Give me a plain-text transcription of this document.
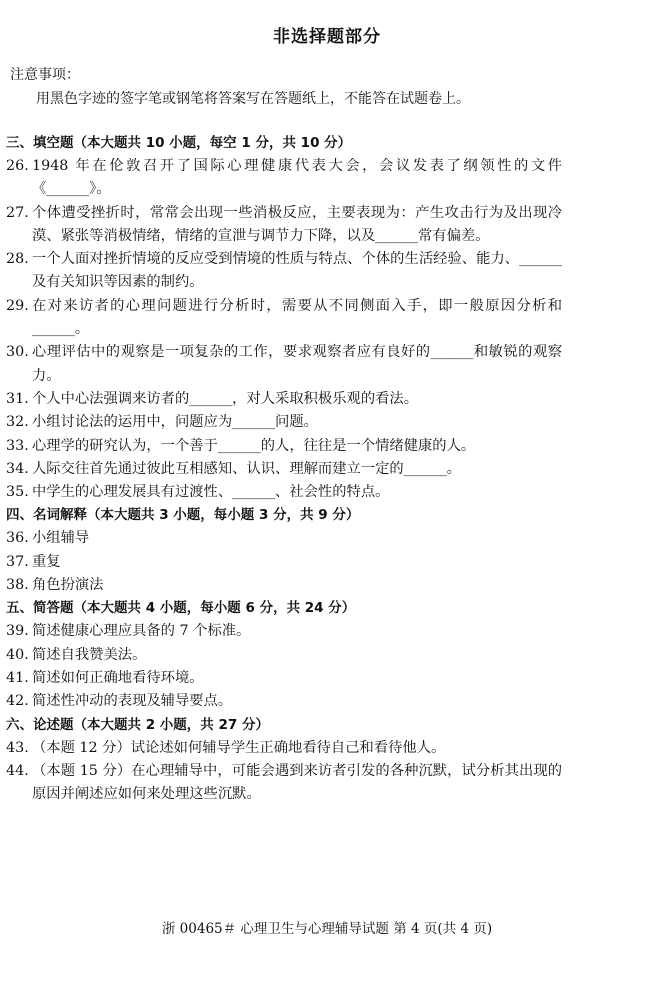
非选择题部分
注意事项：
用黑色字迹的签字笔或钢笔将答案写在答题纸上，不能答在试题卷上。
三、填空题（本大题共 10 小题，每空 1 分，共 10 分）
26. 1948 年在伦敦召开了国际心理健康代表大会，会议发表了纲领性的文件《______》。
27. 个体遭受挫折时，常常会出现一些消极反应，主要表现为：产生攻击行为及出现冷漠、紧张等消极情绪，情绪的宣泄与调节力下降，以及______常有偏差。
28. 一个人面对挫折情境的反应受到情境的性质与特点、个体的生活经验、能力、______及有关知识等因素的制约。
29. 在对来访者的心理问题进行分析时，需要从不同侧面入手，即一般原因分析和______。
30. 心理评估中的观察是一项复杂的工作，要求观察者应有良好的______和敏锐的观察力。
31. 个人中心法强调来访者的______，对人采取积极乐观的看法。
32. 小组讨论法的运用中，问题应为______问题。
33. 心理学的研究认为，一个善于______的人，往往是一个情绪健康的人。
34. 人际交往首先通过彼此互相感知、认识、理解而建立一定的______。
35. 中学生的心理发展具有过渡性、______、社会性的特点。
四、名词解释（本大题共 3 小题，每小题 3 分，共 9 分）
36. 小组辅导
37. 重复
38. 角色扮演法
五、简答题（本大题共 4 小题，每小题 6 分，共 24 分）
39. 简述健康心理应具备的 7 个标准。
40. 简述自我赞美法。
41. 简述如何正确地看待环境。
42. 简述性冲动的表现及辅导要点。
六、论述题（本大题共 2 小题，共 27 分）
43. （本题 12 分）试论述如何辅导学生正确地看待自己和看待他人。
44. （本题 15 分）在心理辅导中，可能会遇到来访者引发的各种沉默，试分析其出现的原因并阐述应如何来处理这些沉默。
浙 00465＃ 心理卫生与心理辅导试题 第 4 页(共 4 页)
